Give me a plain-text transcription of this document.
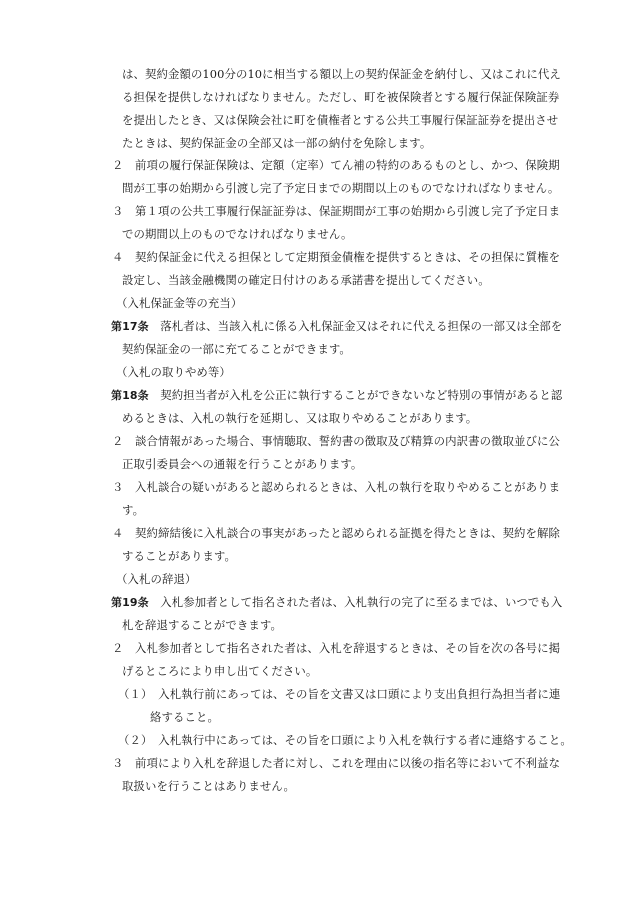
は、契約金額の100分の10に相当する額以上の契約保証金を納付し、又はこれに代え
る担保を提供しなければなりません。ただし、町を被保険者とする履行保証保険証券
を提出したとき、又は保険会社に町を債権者とする公共工事履行保証証券を提出させ
たときは、契約保証金の全部又は一部の納付を免除します。
２　前項の履行保証保険は、定額（定率）てん補の特約のあるものとし、かつ、保険期
間が工事の始期から引渡し完了予定日までの期間以上のものでなければなりません。
３　第１項の公共工事履行保証証券は、保証期間が工事の始期から引渡し完了予定日ま
での期間以上のものでなければなりません。
４　契約保証金に代える担保として定期預金債権を提供するときは、その担保に質権を
設定し、当該金融機関の確定日付けのある承諾書を提出してください。
（入札保証金等の充当）
第17条　 落札者は、当該入札に係る入札保証金又はそれに代える担保の一部又は全部を
契約保証金の一部に充てることができます。
（入札の取りやめ等）
第18条　 契約担当者が入札を公正に執行することができないなど特別の事情があると認
めるときは、入札の執行を延期し、又は取りやめることがあります。
２　談合情報があった場合、事情聴取、誓約書の徴取及び精算の内訳書の徴取並びに公
正取引委員会への通報を行うことがあります。
３　入札談合の疑いがあると認められるときは、入札の執行を取りやめることがありま
す。
４　契約締結後に入札談合の事実があったと認められる証拠を得たときは、契約を解除
することがあります。
（入札の辞退）
第19条　 入札参加者として指名された者は、入札執行の完了に至るまでは、いつでも入
札を辞退することができます。
２　入札参加者として指名された者は、入札を辞退するときは、その旨を次の各号に掲
げるところにより申し出てください。
（１）　入札執行前にあっては、その旨を文書又は口頭により支出負担行為担当者に連
絡すること。
（２）　入札執行中にあっては、その旨を口頭により入札を執行する者に連絡すること。
３　前項により入札を辞退した者に対し、これを理由に以後の指名等において不利益な
取扱いを行うことはありません。
